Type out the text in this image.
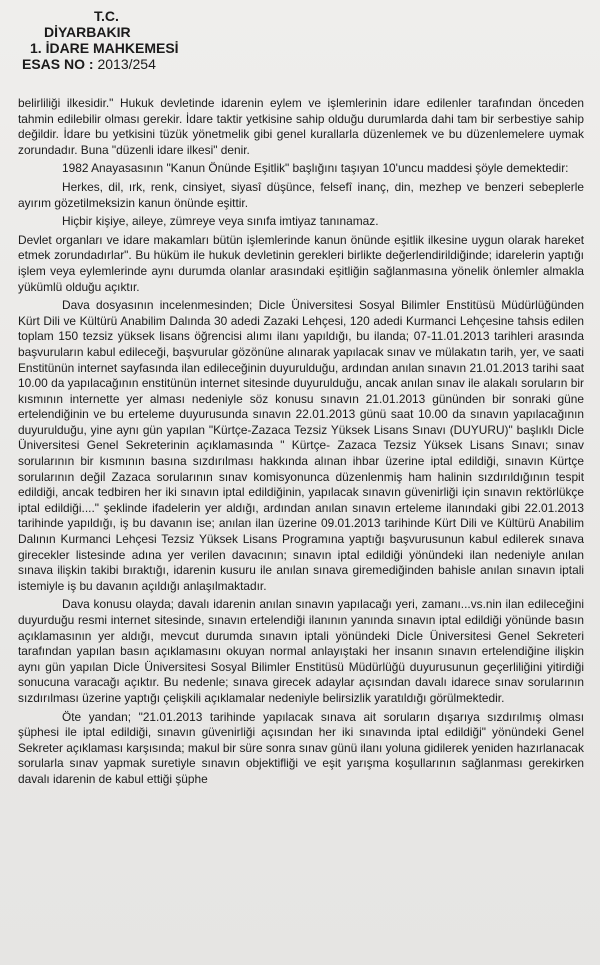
T.C.
DİYARBAKIR
1. İDARE MAHKEMESİ
ESAS NO : 2013/254

belirliliği ilkesidir." Hukuk devletinde idarenin eylem ve işlemlerinin idare edilenler tarafından önceden tahmin edilebilir olması gerekir. İdare taktir yetkisine sahip olduğu durumlarda dahi tam bir serbestiye sahip değildir. İdare bu yetkisini tüzük yönetmelik gibi genel kurallarla düzenlemek ve bu düzenlemelere uymak zorundadır. Buna "düzenli idare ilkesi" denir.

1982 Anayasasının "Kanun Önünde Eşitlik" başlığını taşıyan 10'uncu maddesi şöyle demektedir:

Herkes, dil, ırk, renk, cinsiyet, siyasî düşünce, felsefî inanç, din, mezhep ve benzeri sebeplerle ayırım gözetilmeksizin kanun önünde eşittir.

Hiçbir kişiye, aileye, zümreye veya sınıfa imtiyaz tanınamaz.

Devlet organları ve idare makamları bütün işlemlerinde kanun önünde eşitlik ilkesine uygun olarak hareket etmek zorundadırlar". Bu hüküm ile hukuk devletinin gerekleri birlikte değerlendirildiğinde; idarelerin yaptığı işlem veya eylemlerinde aynı durumda olanlar arasındaki eşitliğin sağlanmasına yönelik önlemler almakla yükümlü olduğu açıktır.

Dava dosyasının incelenmesinden; Dicle Üniversitesi Sosyal Bilimler Enstitüsü Müdürlüğünden Kürt Dili ve Kültürü Anabilim Dalında 30 adedi Zazaki Lehçesi, 120 adedi Kurmanci Lehçesine tahsis edilen toplam 150 tezsiz yüksek lisans öğrencisi alımı ilanı yapıldığı, bu ilanda; 07-11.01.2013 tarihleri arasında başvuruların kabul edileceği, başvurular gözönüne alınarak yapılacak sınav ve mülakatın tarih, yer, ve saati Enstitünün internet sayfasında ilan edileceğinin duyurulduğu, ardından anılan sınavın 21.01.2013 tarihi saat 10.00 da yapılacağının enstitünün internet sitesinde duyurulduğu, ancak anılan sınav ile alakalı soruların bir kısmının internette yer alması nedeniyle söz konusu sınavın 21.01.2013 gününden bir sonraki güne ertelendiğinin ve bu erteleme duyurusunda sınavın 22.01.2013 günü saat 10.00 da sınavın yapılacağının duyurulduğu, yine aynı gün yapılan "Kürtçe-Zazaca Tezsiz Yüksek Lisans Sınavı (DUYURU)" başlıklı Dicle Üniversitesi Genel Sekreterinin açıklamasında " Kürtçe- Zazaca Tezsiz Yüksek Lisans Sınavı; sınav sorularının bir kısmının basına sızdırılması hakkında alınan ihbar üzerine iptal edildiği, sınavın Kürtçe sorularının değil Zazaca sorularının sınav komisyonunca düzenlenmiş ham halinin sızdırıldığının tespit edildiği, ancak tedbiren her iki sınavın iptal edildiğinin, yapılacak sınavın güvenirliği için sınavın rektörlükçe iptal edildiği...." şeklinde ifadelerin yer aldığı, ardından anılan sınavın erteleme ilanındaki gibi 22.01.2013 tarihinde yapıldığı, iş bu davanın ise; anılan ilan üzerine 09.01.2013 tarihinde Kürt Dili ve Kültürü Anabilim Dalının Kurmanci Lehçesi Tezsiz Yüksek Lisans Programına yaptığı başvurusunun kabul edilerek sınava girecekler listesinde adına yer verilen davacının; sınavın iptal edildiği yönündeki ilan nedeniyle anılan sınava ilişkin takibi bıraktığı, idarenin kusuru ile anılan sınava giremediğinden bahisle anılan sınavın iptali istemiyle iş bu davanın açıldığı anlaşılmaktadır.

Dava konusu olayda; davalı idarenin anılan sınavın yapılacağı yeri, zamanı...vs.nin ilan edileceğini duyurduğu resmi internet sitesinde, sınavın ertelendiği ilanının yanında sınavın iptal edildiği yönünde basın açıklamasının yer aldığı, mevcut durumda sınavın iptali yönündeki Dicle Üniversitesi Genel Sekreteri tarafından yapılan basın açıklamasını okuyan normal anlayıştaki her insanın sınavın ertelendiğine ilişkin aynı gün yapılan Dicle Üniversitesi Sosyal Bilimler Enstitüsü Müdürlüğü duyurusunun geçerliliğini yitirdiği sonucuna varacağı açıktır. Bu nedenle; sınava girecek adaylar açısından davalı idarece sınav sorularının sızdırılması üzerine yaptığı çelişkili açıklamalar nedeniyle belirsizlik yaratıldığı görülmektedir.

Öte yandan; "21.01.2013 tarihinde yapılacak sınava ait soruların dışarıya sızdırılmış olması şüphesi ile iptal edildiği, sınavın güvenirliği açısından her iki sınavında iptal edildiği" yönündeki Genel Sekreter açıklaması karşısında; makul bir süre sonra sınav günü ilanı yoluna gidilerek yeniden hazırlanacak sorularla sınav yapmak suretiyle sınavın objektifliği ve eşit yarışma koşullarının sağlanması gerekirken davalı idarenin de kabul ettiği şüphe
